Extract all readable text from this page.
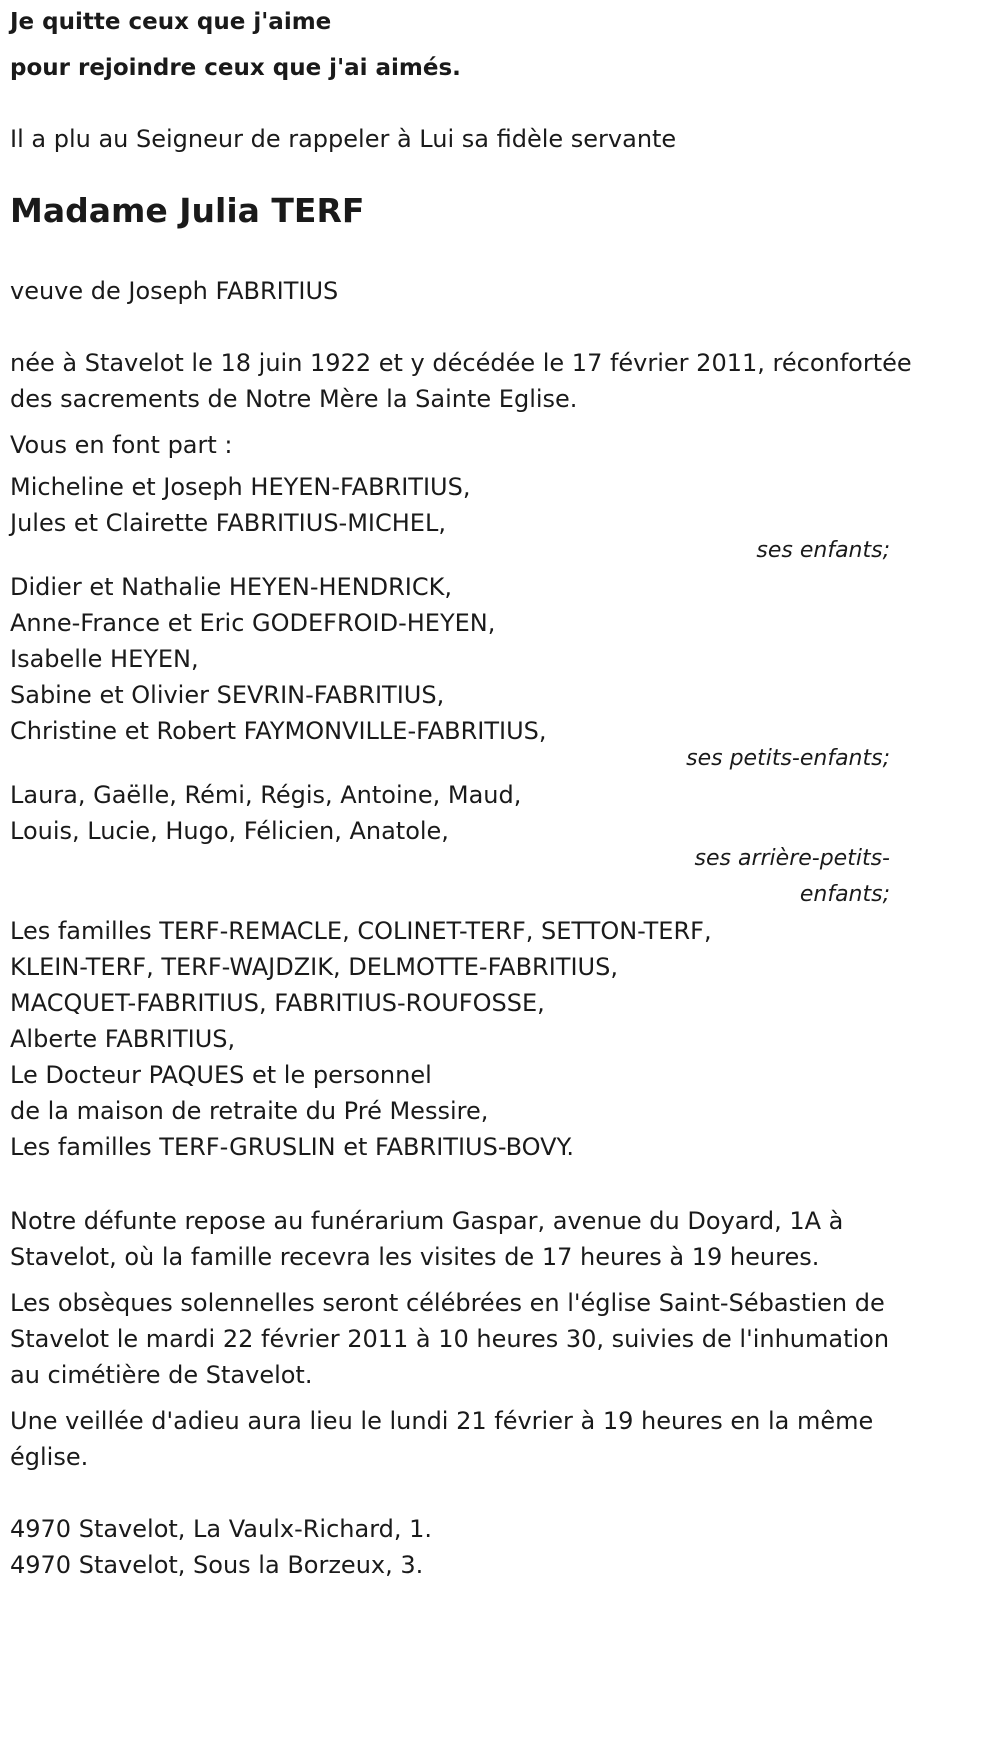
Je quitte ceux que j'aime
pour rejoindre ceux que j'ai aimés.
Il a plu au Seigneur de rappeler à Lui sa fidèle servante
Madame Julia TERF
veuve de Joseph FABRITIUS
née à Stavelot le 18 juin 1922 et y décédée le 17 février 2011, réconfortée
des sacrements de Notre Mère la Sainte Eglise.
Vous en font part :
Micheline et Joseph HEYEN-FABRITIUS,
Jules et Clairette FABRITIUS-MICHEL,
ses enfants;
Didier et Nathalie HEYEN-HENDRICK,
Anne-France et Eric GODEFROID-HEYEN,
Isabelle HEYEN,
Sabine et Olivier SEVRIN-FABRITIUS,
Christine et Robert FAYMONVILLE-FABRITIUS,
ses petits-enfants;
Laura, Gaëlle, Rémi, Régis, Antoine, Maud,
Louis, Lucie, Hugo, Félicien, Anatole,
ses arrière-petits-
enfants;
Les familles TERF-REMACLE, COLINET-TERF, SETTON-TERF,
KLEIN-TERF, TERF-WAJDZIK, DELMOTTE-FABRITIUS,
MACQUET-FABRITIUS, FABRITIUS-ROUFOSSE,
Alberte FABRITIUS,
Le Docteur PAQUES et le personnel
de la maison de retraite du Pré Messire,
Les familles TERF-GRUSLIN et FABRITIUS-BOVY.
Notre défunte repose au funérarium Gaspar, avenue du Doyard, 1A à
Stavelot, où la famille recevra les visites de 17 heures à 19 heures.
Les obsèques solennelles seront célébrées en l'église Saint-Sébastien de
Stavelot le mardi 22 février 2011 à 10 heures 30, suivies de l'inhumation
au cimétière de Stavelot.
Une veillée d'adieu aura lieu le lundi 21 février à 19 heures en la même
église.
4970 Stavelot, La Vaulx-Richard, 1.
4970 Stavelot, Sous la Borzeux, 3.
